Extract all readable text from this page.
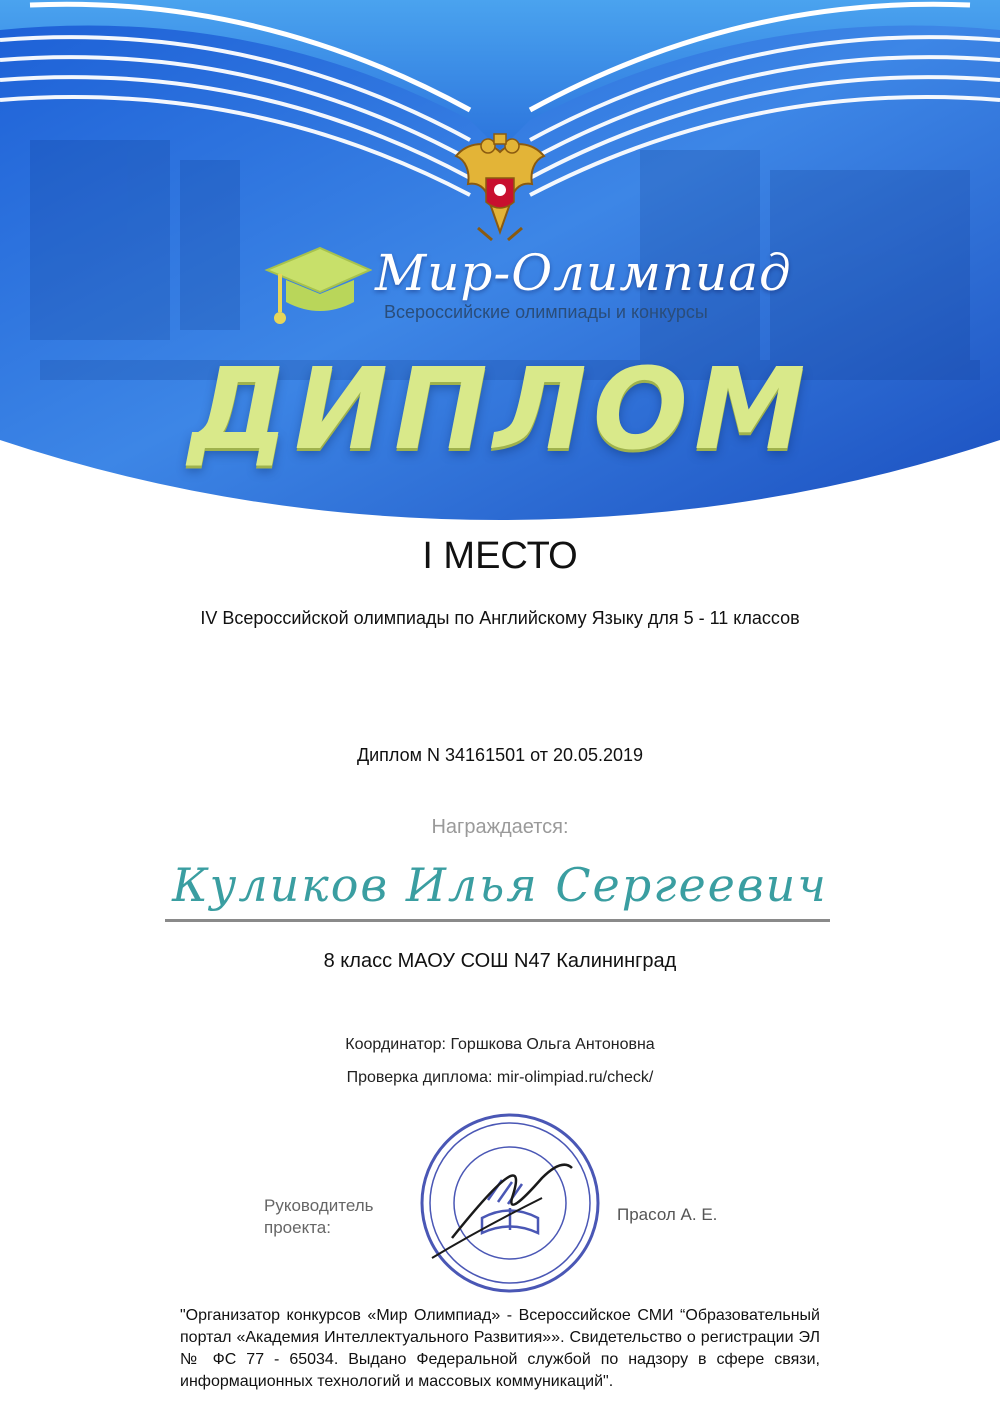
Мир-Олимпиад
Всероссийские олимпиады и конкурсы
ДИПЛОМ
I МЕСТО
IV Всероссийской олимпиады по Английскому Языку для 5 - 11 классов
Диплом N 34161501 от 20.05.2019
Награждается:
Куликов Илья Сергеевич
8 класс МАОУ СОШ N47 Калининград
Координатор: Горшкова Ольга Антоновна
Проверка диплома: mir-olimpiad.ru/check/
Руководитель проекта:
Прасол А. Е.
"Организатор конкурсов «Мир Олимпиад» - Всероссийское СМИ “Образовательный портал «Академия Интеллектуального Развития»». Свидетельство о регистрации ЭЛ № ФС 77 - 65034. Выдано Федеральной службой по надзору в сфере связи, информационных технологий и массовых коммуникаций".
